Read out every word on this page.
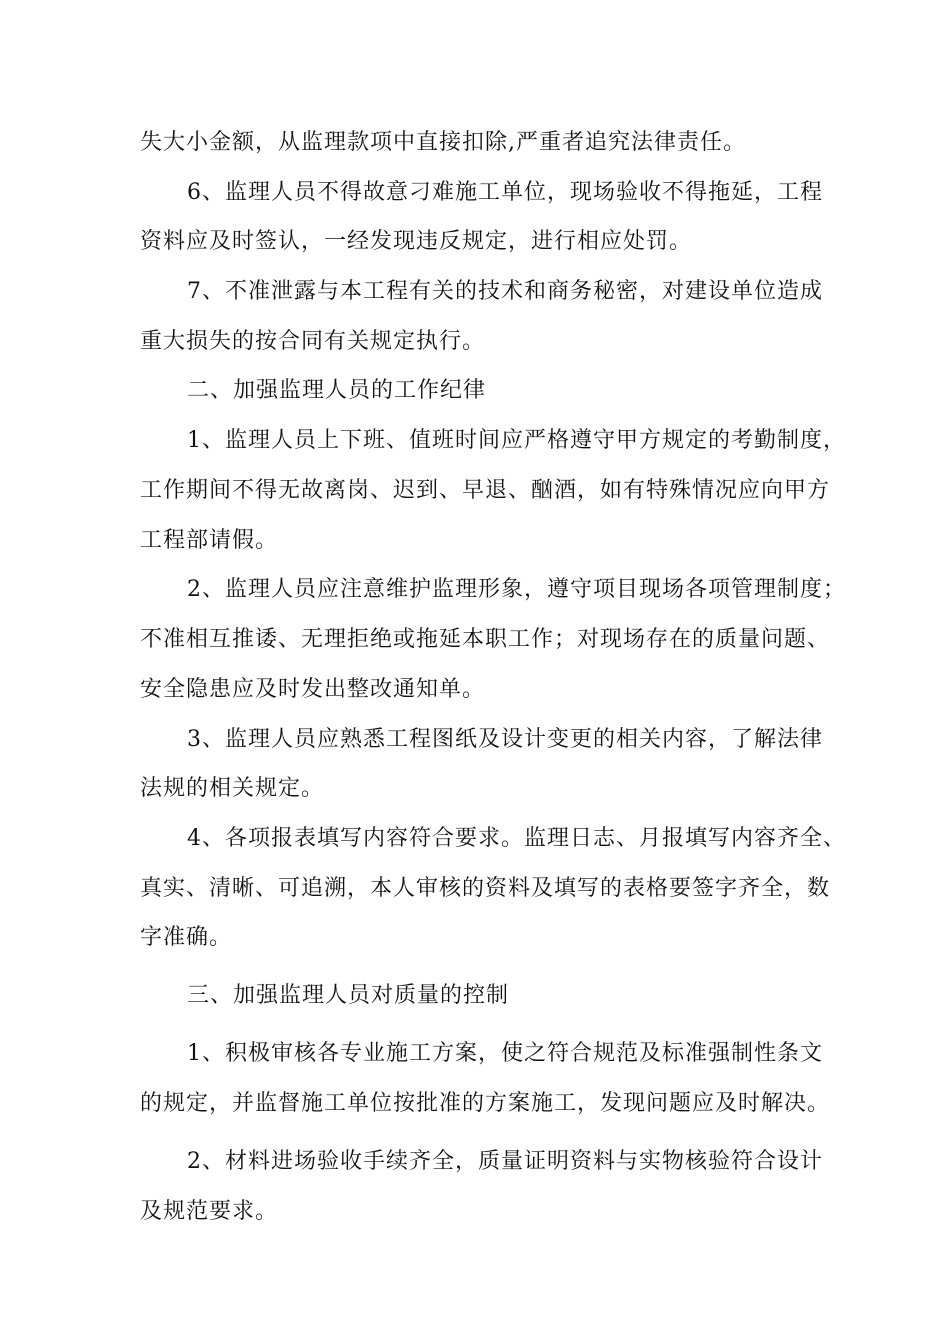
失大小金额，从监理款项中直接扣除,严重者追究法律责任。
6、监理人员不得故意刁难施工单位，现场验收不得拖延，工程
资料应及时签认，一经发现违反规定，进行相应处罚。
7、不准泄露与本工程有关的技术和商务秘密，对建设单位造成
重大损失的按合同有关规定执行。
二、加强监理人员的工作纪律
1、监理人员上下班、值班时间应严格遵守甲方规定的考勤制度，
工作期间不得无故离岗、迟到、早退、酗酒，如有特殊情况应向甲方
工程部请假。
2、监理人员应注意维护监理形象，遵守项目现场各项管理制度；
不准相互推诿、无理拒绝或拖延本职工作；对现场存在的质量问题、
安全隐患应及时发出整改通知单。
3、监理人员应熟悉工程图纸及设计变更的相关内容，了解法律
法规的相关规定。
4、各项报表填写内容符合要求。监理日志、月报填写内容齐全、
真实、清晰、可追溯，本人审核的资料及填写的表格要签字齐全，数
字准确。
三、加强监理人员对质量的控制
1、积极审核各专业施工方案，使之符合规范及标准强制性条文
的规定，并监督施工单位按批准的方案施工，发现问题应及时解决。
2、材料进场验收手续齐全，质量证明资料与实物核验符合设计
及规范要求。
